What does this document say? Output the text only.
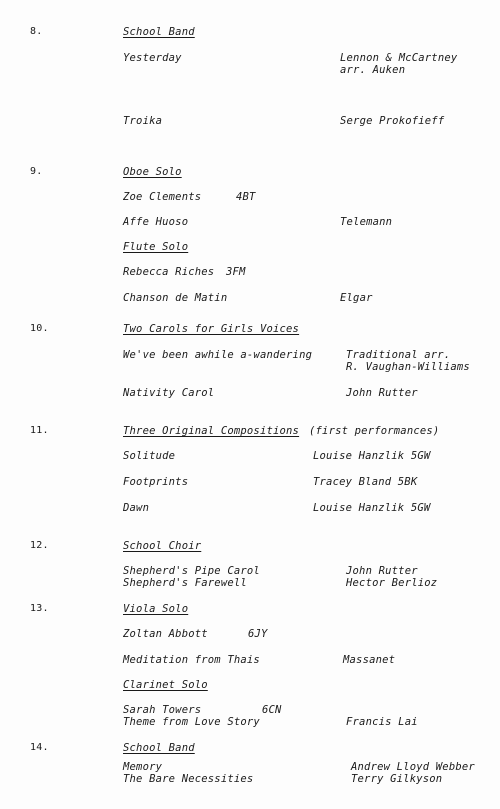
8.	School Band
Yesterday	Lennon & McCartney
arr. Auken
Troika	Serge Prokofieff
9.	Oboe Solo
Zoe Clements	4BT
Affe Huoso	Telemann
Flute Solo
Rebecca Riches 3FM
Chanson de Matin	Elgar
10.	Two Carols for Girls Voices
We've been awhile a-wandering	Traditional arr.
R. Vaughan-Williams
Nativity Carol	John Rutter
11.	Three Original Compositions (first performances)
Solitude	Louise Hanzlik 5GW
Footprints	Tracey Bland 5BK
Dawn	Louise Hanzlik 5GW
12.	School Choir
Shepherd's Pipe Carol	John Rutter
Shepherd's Farewell	Hector Berlioz
13.	Viola Solo
Zoltan Abbott	6JY
Meditation from Thais	Massanet
Clarinet Solo
Sarah Towers	6CN
Theme from Love Story	Francis Lai
14.	School Band
Memory	Andrew Lloyd Webber
The Bare Necessities	Terry Gilkyson
